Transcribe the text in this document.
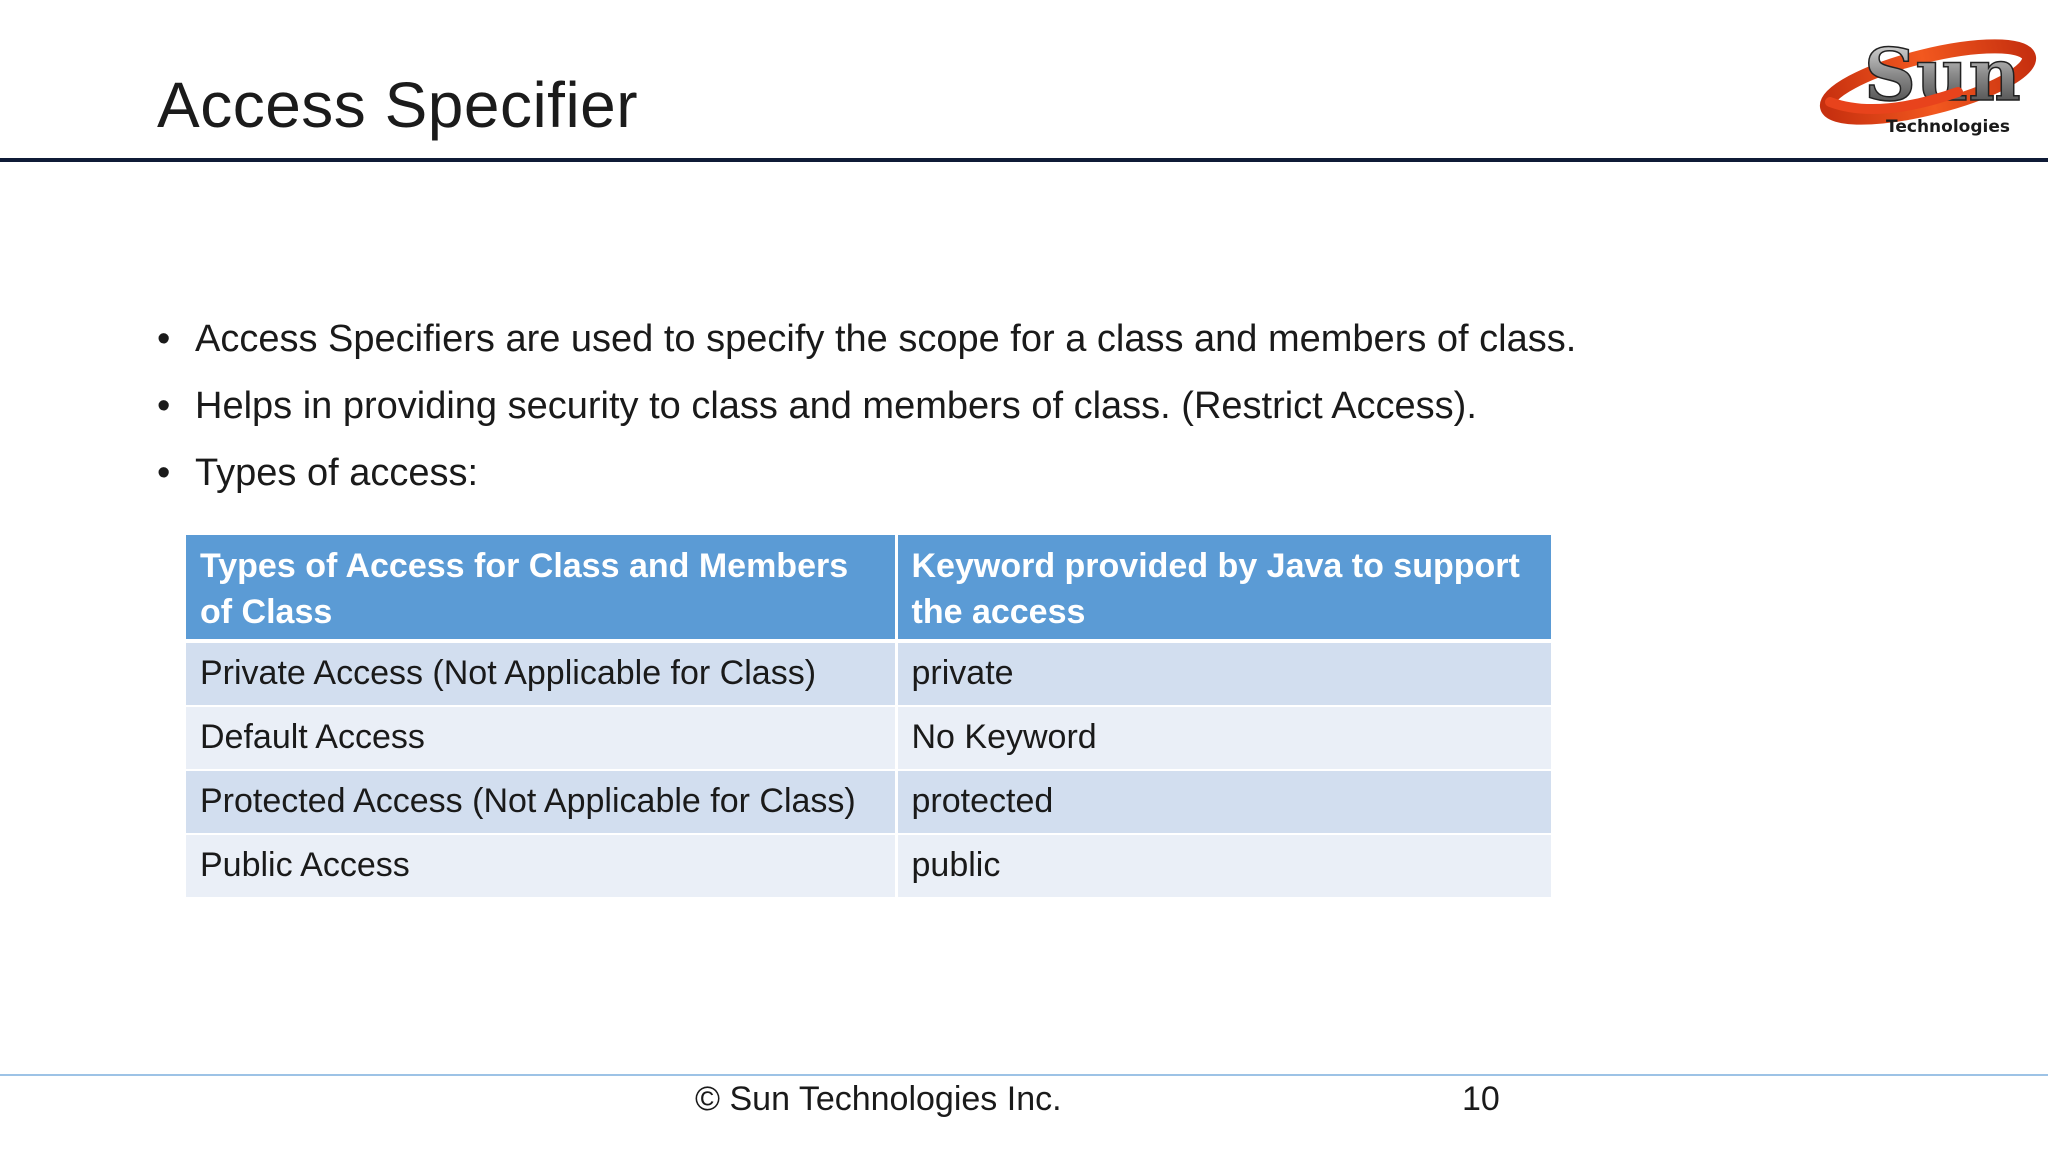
Access Specifier	Sun
Technologies
• Access Specifiers are used to specify the scope for a class and members of class.
• Helps in providing security to class and members of class. (Restrict Access).
• Types of access:
Types of Access for Class and Members of Class	Keyword provided by Java to support the access
Private Access (Not Applicable for Class)	private
Default Access	No Keyword
Protected Access (Not Applicable for Class)	protected
Public Access	public
© Sun Technologies Inc.	10
